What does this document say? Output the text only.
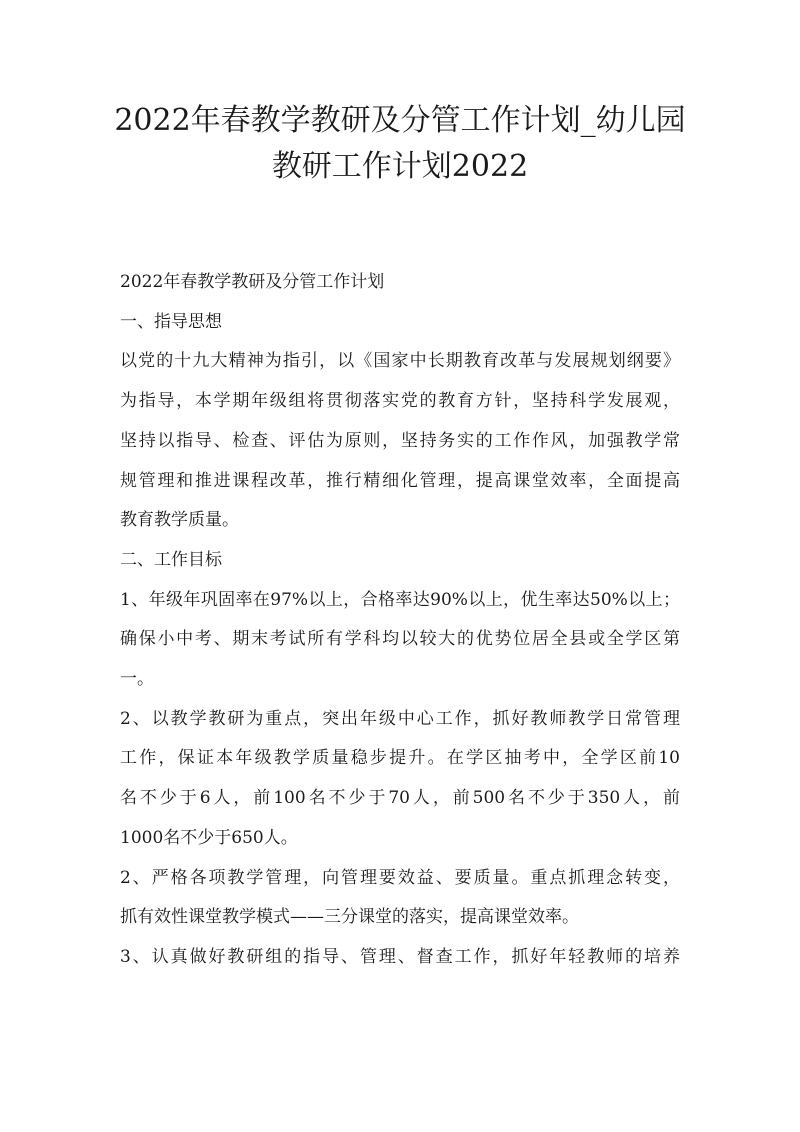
2022年春教学教研及分管工作计划_幼儿园
教研工作计划2022

2022年春教学教研及分管工作计划

一、指导思想

以党的十九大精神为指引，以《国家中长期教育改革与发展规划纲要》
为指导，本学期年级组将贯彻落实党的教育方针，坚持科学发展观，
坚持以指导、检查、评估为原则，坚持务实的工作作风，加强教学常
规管理和推进课程改革，推行精细化管理，提高课堂效率，全面提高
教育教学质量。

二、工作目标

1、年级年巩固率在97%以上，合格率达90%以上，优生率达50%以上；
确保小中考、期末考试所有学科均以较大的优势位居全县或全学区第
一。
2、以教学教研为重点，突出年级中心工作，抓好教师教学日常管理
工作，保证本年级教学质量稳步提升。在学区抽考中，全学区前10
名不少于6人，前100名不少于70人，前500名不少于350人，前
1000名不少于650人。
2、严格各项教学管理，向管理要效益、要质量。重点抓理念转变，
抓有效性课堂教学模式——三分课堂的落实，提高课堂效率。
3、认真做好教研组的指导、管理、督查工作，抓好年轻教师的培养
